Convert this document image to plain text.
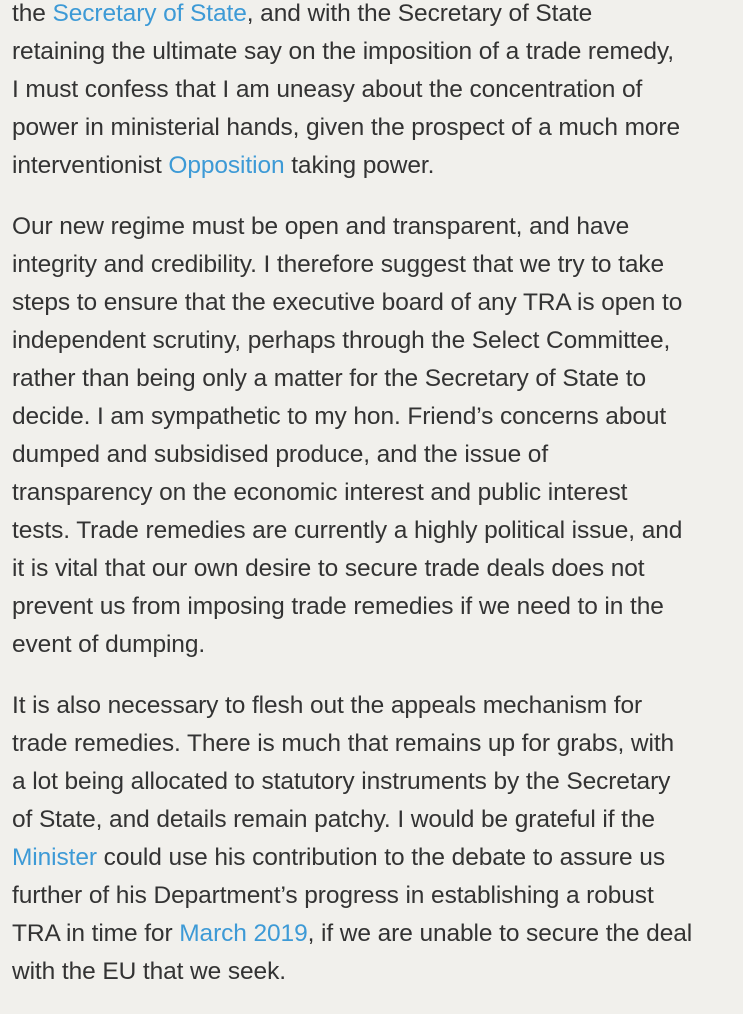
the Secretary of State, and with the Secretary of State
retaining the ultimate say on the imposition of a trade remedy,
I must confess that I am uneasy about the concentration of
power in ministerial hands, given the prospect of a much more
interventionist Opposition taking power.
Our new regime must be open and transparent, and have
integrity and credibility. I therefore suggest that we try to take
steps to ensure that the executive board of any TRA is open to
independent scrutiny, perhaps through the Select Committee,
rather than being only a matter for the Secretary of State to
decide. I am sympathetic to my hon. Friend’s concerns about
dumped and subsidised produce, and the issue of
transparency on the economic interest and public interest
tests. Trade remedies are currently a highly political issue, and
it is vital that our own desire to secure trade deals does not
prevent us from imposing trade remedies if we need to in the
event of dumping.
It is also necessary to flesh out the appeals mechanism for
trade remedies. There is much that remains up for grabs, with
a lot being allocated to statutory instruments by the Secretary
of State, and details remain patchy. I would be grateful if the
Minister could use his contribution to the debate to assure us
further of his Department’s progress in establishing a robust
TRA in time for March 2019, if we are unable to secure the deal
with the EU that we seek.
